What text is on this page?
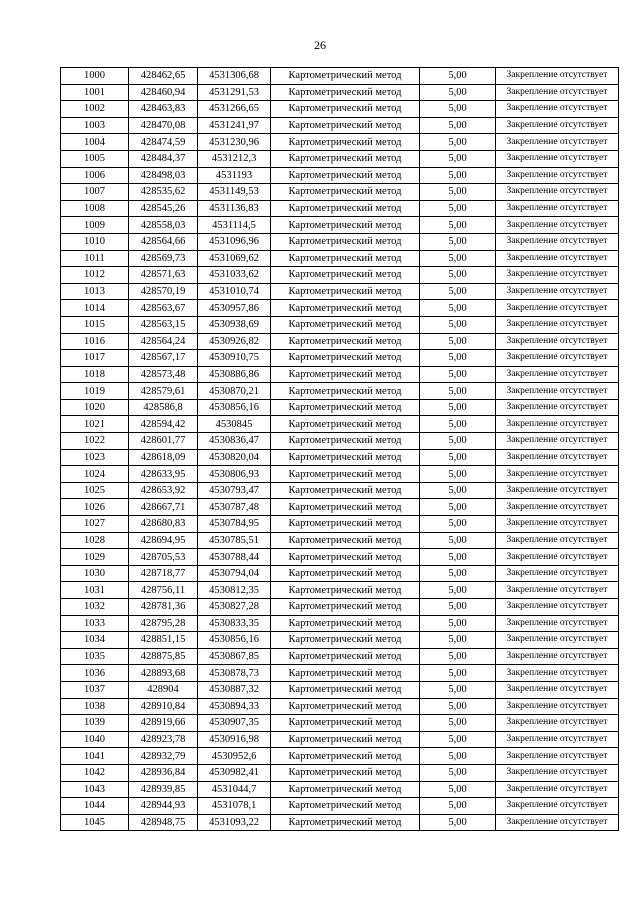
26
1000	428462,65	4531306,68	Картометрический метод	5,00	Закрепление отсутствует
1001	428460,94	4531291,53	Картометрический метод	5,00	Закрепление отсутствует
1002	428463,83	4531266,65	Картометрический метод	5,00	Закрепление отсутствует
1003	428470,08	4531241,97	Картометрический метод	5,00	Закрепление отсутствует
1004	428474,59	4531230,96	Картометрический метод	5,00	Закрепление отсутствует
1005	428484,37	4531212,3	Картометрический метод	5,00	Закрепление отсутствует
1006	428498,03	4531193	Картометрический метод	5,00	Закрепление отсутствует
1007	428535,62	4531149,53	Картометрический метод	5,00	Закрепление отсутствует
1008	428545,26	4531136,83	Картометрический метод	5,00	Закрепление отсутствует
1009	428558,03	4531114,5	Картометрический метод	5,00	Закрепление отсутствует
1010	428564,66	4531096,96	Картометрический метод	5,00	Закрепление отсутствует
1011	428569,73	4531069,62	Картометрический метод	5,00	Закрепление отсутствует
1012	428571,63	4531033,62	Картометрический метод	5,00	Закрепление отсутствует
1013	428570,19	4531010,74	Картометрический метод	5,00	Закрепление отсутствует
1014	428563,67	4530957,86	Картометрический метод	5,00	Закрепление отсутствует
1015	428563,15	4530938,69	Картометрический метод	5,00	Закрепление отсутствует
1016	428564,24	4530926,82	Картометрический метод	5,00	Закрепление отсутствует
1017	428567,17	4530910,75	Картометрический метод	5,00	Закрепление отсутствует
1018	428573,48	4530886,86	Картометрический метод	5,00	Закрепление отсутствует
1019	428579,61	4530870,21	Картометрический метод	5,00	Закрепление отсутствует
1020	428586,8	4530856,16	Картометрический метод	5,00	Закрепление отсутствует
1021	428594,42	4530845	Картометрический метод	5,00	Закрепление отсутствует
1022	428601,77	4530836,47	Картометрический метод	5,00	Закрепление отсутствует
1023	428618,09	4530820,04	Картометрический метод	5,00	Закрепление отсутствует
1024	428633,95	4530806,93	Картометрический метод	5,00	Закрепление отсутствует
1025	428653,92	4530793,47	Картометрический метод	5,00	Закрепление отсутствует
1026	428667,71	4530787,48	Картометрический метод	5,00	Закрепление отсутствует
1027	428680,83	4530784,95	Картометрический метод	5,00	Закрепление отсутствует
1028	428694,95	4530785,51	Картометрический метод	5,00	Закрепление отсутствует
1029	428705,53	4530788,44	Картометрический метод	5,00	Закрепление отсутствует
1030	428718,77	4530794,04	Картометрический метод	5,00	Закрепление отсутствует
1031	428756,11	4530812,35	Картометрический метод	5,00	Закрепление отсутствует
1032	428781,36	4530827,28	Картометрический метод	5,00	Закрепление отсутствует
1033	428795,28	4530833,35	Картометрический метод	5,00	Закрепление отсутствует
1034	428851,15	4530856,16	Картометрический метод	5,00	Закрепление отсутствует
1035	428875,85	4530867,85	Картометрический метод	5,00	Закрепление отсутствует
1036	428893,68	4530878,73	Картометрический метод	5,00	Закрепление отсутствует
1037	428904	4530887,32	Картометрический метод	5,00	Закрепление отсутствует
1038	428910,84	4530894,33	Картометрический метод	5,00	Закрепление отсутствует
1039	428919,66	4530907,35	Картометрический метод	5,00	Закрепление отсутствует
1040	428923,78	4530916,98	Картометрический метод	5,00	Закрепление отсутствует
1041	428932,79	4530952,6	Картометрический метод	5,00	Закрепление отсутствует
1042	428936,84	4530982,41	Картометрический метод	5,00	Закрепление отсутствует
1043	428939,85	4531044,7	Картометрический метод	5,00	Закрепление отсутствует
1044	428944,93	4531078,1	Картометрический метод	5,00	Закрепление отсутствует
1045	428948,75	4531093,22	Картометрический метод	5,00	Закрепление отсутствует
